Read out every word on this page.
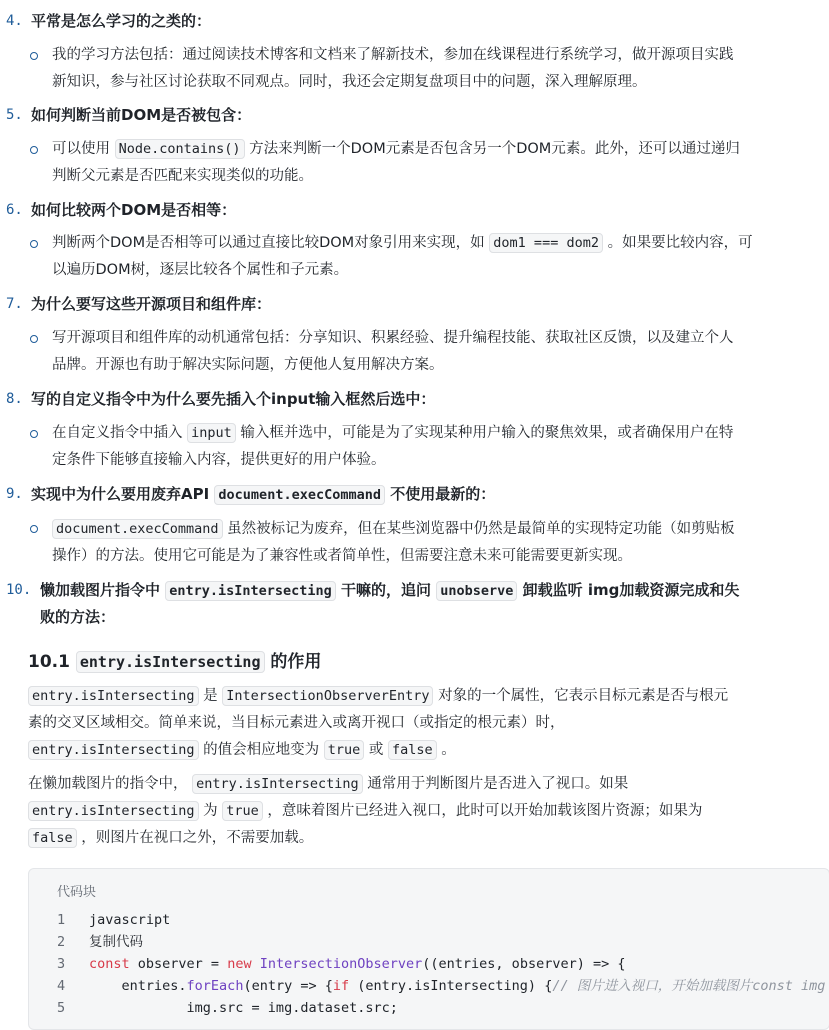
4. 平常是怎么学习的之类的：
我的学习方法包括：通过阅读技术博客和文档来了解新技术，参加在线课程进行系统学习，做开源项目实践
新知识，参与社区讨论获取不同观点。同时，我还会定期复盘项目中的问题，深入理解原理。
5. 如何判断当前DOM是否被包含：
可以使用 Node.contains() 方法来判断一个DOM元素是否包含另一个DOM元素。此外，还可以通过递归
判断父元素是否匹配来实现类似的功能。
6. 如何比较两个DOM是否相等：
判断两个DOM是否相等可以通过直接比较DOM对象引用来实现，如 dom1 === dom2 。如果要比较内容，可
以遍历DOM树，逐层比较各个属性和子元素。
7. 为什么要写这些开源项目和组件库：
写开源项目和组件库的动机通常包括：分享知识、积累经验、提升编程技能、获取社区反馈，以及建立个人
品牌。开源也有助于解决实际问题，方便他人复用解决方案。
8. 写的自定义指令中为什么要先插入个input输入框然后选中：
在自定义指令中插入 input 输入框并选中，可能是为了实现某种用户输入的聚焦效果，或者确保用户在特
定条件下能够直接输入内容，提供更好的用户体验。
9. 实现中为什么要用废弃API document.execCommand 不使用最新的：
document.execCommand 虽然被标记为废弃，但在某些浏览器中仍然是最简单的实现特定功能（如剪贴板
操作）的方法。使用它可能是为了兼容性或者简单性，但需要注意未来可能需要更新实现。
10. 懒加载图片指令中 entry.isIntersecting 干嘛的，追问 unobserve 卸载监听 img加载资源完成和失
败的方法：
10.1 entry.isIntersecting 的作用
entry.isIntersecting 是 IntersectionObserverEntry 对象的一个属性，它表示目标元素是否与根元
素的交叉区域相交。简单来说，当目标元素进入或离开视口（或指定的根元素）时，
entry.isIntersecting 的值会相应地变为 true 或 false 。
在懒加载图片的指令中， entry.isIntersecting 通常用于判断图片是否进入了视口。如果
entry.isIntersecting 为 true ，意味着图片已经进入视口，此时可以开始加载该图片资源；如果为
false ，则图片在视口之外，不需要加载。
代码块
1	javascript
2	复制代码
3	const observer = new IntersectionObserver((entries, observer) => {
4	entries.forEach(entry => {if (entry.isIntersecting) {// 图片进入视口，开始加载图片const img
5	img.src = img.dataset.src;
